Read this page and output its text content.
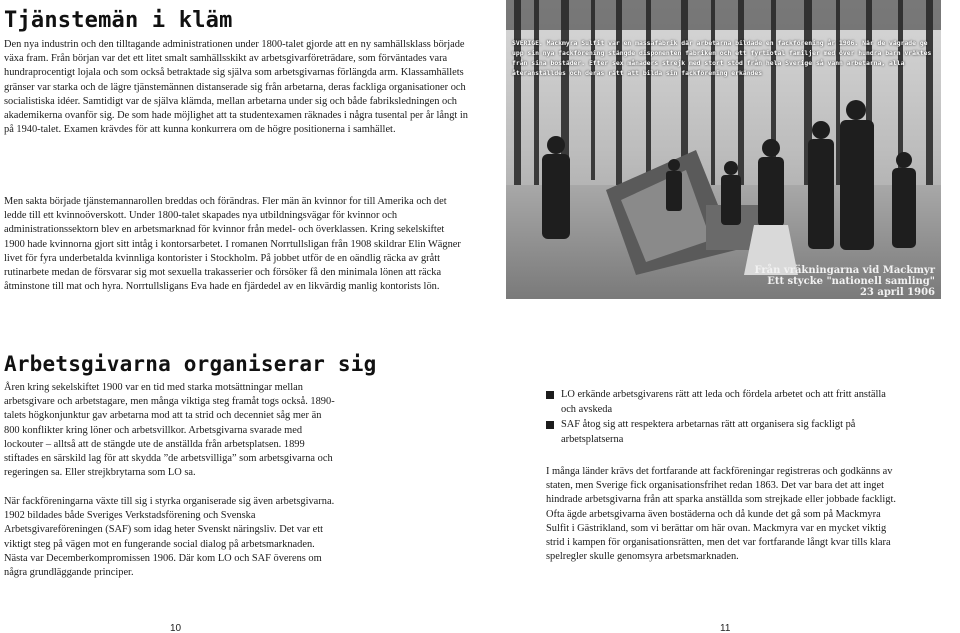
Tjänstemän i kläm

Den nya industrin och den tilltagande administrationen under 1800-talet gjorde att en ny samhällsklass började växa fram. Från början var det ett litet smalt samhällsskikt av arbetsgivarföreträdare, som förväntades vara hundraprocentigt lojala och som också betraktade sig själva som arbetsgivarnas förlängda arm. Klassamhällets gränser var starka och de lägre tjänstemännen distanserade sig från arbetarna, deras fackliga organisationer och socialistiska idéer. Samtidigt var de själva klämda, mellan arbetarna under sig och både fabriksledningen och akademikerna ovanför sig. De som hade möjlighet att ta studentexamen räknades i några tusental per år långt in på 1940-talet. Examen krävdes för att kunna konkurrera om de högre positionerna i samhället.

Men sakta började tjänstemannarollen breddas och förändras. Fler män än kvinnor for till Amerika och det ledde till ett kvinnoöverskott. Under 1800-talet skapades nya utbildningsvägar för kvinnor och administrationssektorn blev en arbetsmarknad för kvinnor från medel- och överklassen. Kring sekelskiftet 1900 hade kvinnorna gjort sitt intåg i kontorsarbetet. I romanen Norrtullsligan från 1908 skildrar Elin Wägner livet för fyra underbetalda kvinnliga kontorister i Stockholm. På jobbet utför de en oändlig räcka av grått rutinarbete medan de försvarar sig mot sexuella trakasserier och försöker få den minimala lönen att räcka åtminstone till mat och hyra. Norrtullsligans Eva hade en fjärdedel av en likvärdig manlig kontorists lön.

Arbetsgivarna organiserar sig

Åren kring sekelskiftet 1900 var en tid med starka motsättningar mellan arbetsgivare och arbetstagare, men många viktiga steg framåt togs också. 1890-talets högkonjunktur gav arbetarna mod att ta strid och decenniet såg mer än 800 konflikter kring löner och arbetsvillkor. Arbetsgivarna svarade med lockouter – alltså att de stängde ute de anställda från arbetsplatsen. 1899 stiftades en särskild lag för att skydda ”de arbetsvilliga” som arbetsgivarna och regeringen sa. Eller strejkbrytarna som LO sa.

När fackföreningarna växte till sig i styrka organiserade sig även arbetsgivarna. 1902 bildades både Sveriges Verkstadsförening och Svenska Arbetsgivareföreningen (SAF) som idag heter Svenskt näringsliv. Det var ett viktigt steg på vägen mot en fungerande social dialog på arbetsmarknaden. Nästa var Decemberkompromissen 1906. Där kom LO och SAF överens om några grundläggande principer.

10
SVERIGE. Mackmyra Sulfit var en massafabrik där arbetarna bildade en fackförening år 1906. När de vägrade ge upp sin nya fackförening stängde disponenten fabriken och ett fyrtiotal familjer med över hundra barn vräktes från sina bostäder. Efter sex månaders strejk med stort stöd från hela Sverige så vann arbetarna, alla återanställdes och deras rätt att bilda sin fackförening erkändes
Från vräkningarna vid Mackmyr
Ett stycke "nationell samling"
23 april 1906
LO erkände arbetsgivarens rätt att leda och fördela arbetet och att fritt anställa och avskeda
SAF åtog sig att respektera arbetarnas rätt att organisera sig fackligt på arbetsplatserna

I många länder krävs det fortfarande att fackföreningar registreras och godkänns av staten, men Sverige fick organisationsfrihet redan 1863. Det var bara det att inget hindrade arbetsgivarna från att sparka anställda som strejkade eller jobbade fackligt. Ofta ägde arbetsgivarna även bostäderna och då kunde det gå som på Mackmyra Sulfit i Gästrikland, som vi berättar om här ovan. Mackmyra var en mycket viktig strid i kampen för organisationsrätten, men det var fortfarande långt kvar tills klara spelregler skulle genomsyra arbetsmarknaden.

11
